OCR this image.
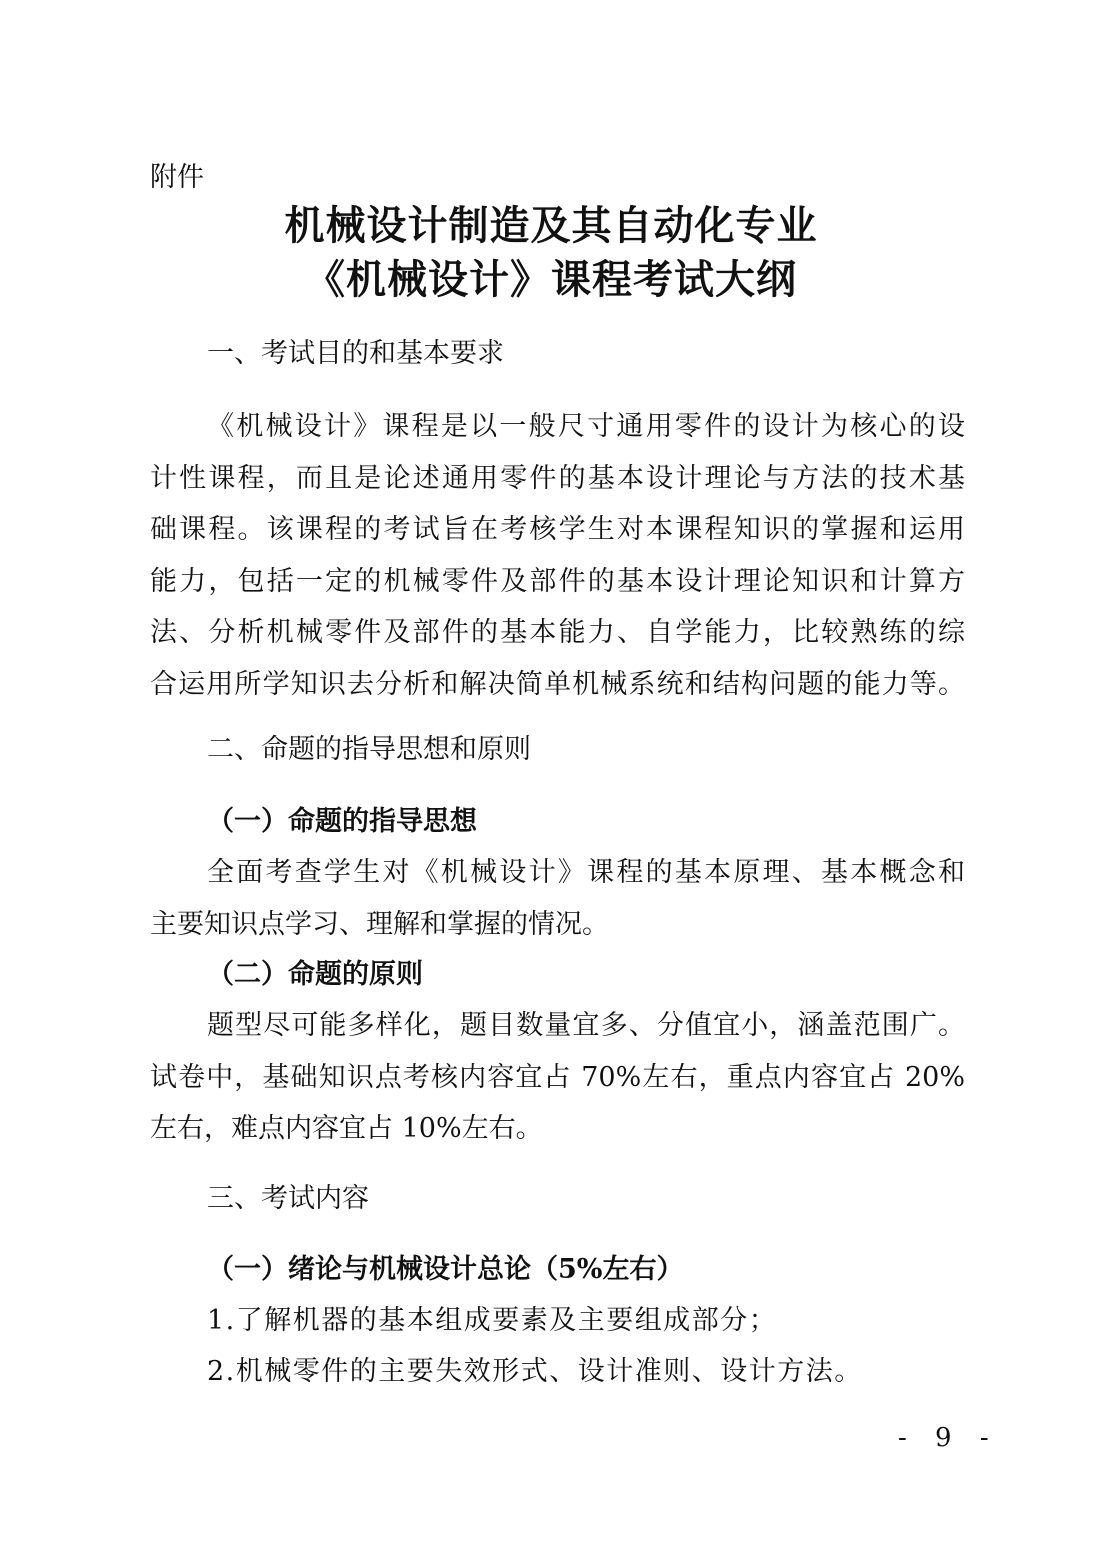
附件
机械设计制造及其自动化专业
《机械设计》课程考试大纲
一、考试目的和基本要求
《机械设计》课程是以一般尺寸通用零件的设计为核心的设
计性课程，而且是论述通用零件的基本设计理论与方法的技术基
础课程。该课程的考试旨在考核学生对本课程知识的掌握和运用
能力，包括一定的机械零件及部件的基本设计理论知识和计算方
法、分析机械零件及部件的基本能力、自学能力，比较熟练的综
合运用所学知识去分析和解决简单机械系统和结构问题的能力等。
二、命题的指导思想和原则
（一）命题的指导思想
全面考查学生对《机械设计》课程的基本原理、基本概念和
主要知识点学习、理解和掌握的情况。
（二）命题的原则
题型尽可能多样化，题目数量宜多、分值宜小，涵盖范围广。
试卷中，基础知识点考核内容宜占 70%左右，重点内容宜占 20%
左右，难点内容宜占 10%左右。
三、考试内容
（一）绪论与机械设计总论（5%左右）
1.了解机器的基本组成要素及主要组成部分；
2.机械零件的主要失效形式、设计准则、设计方法。
- 9 -
